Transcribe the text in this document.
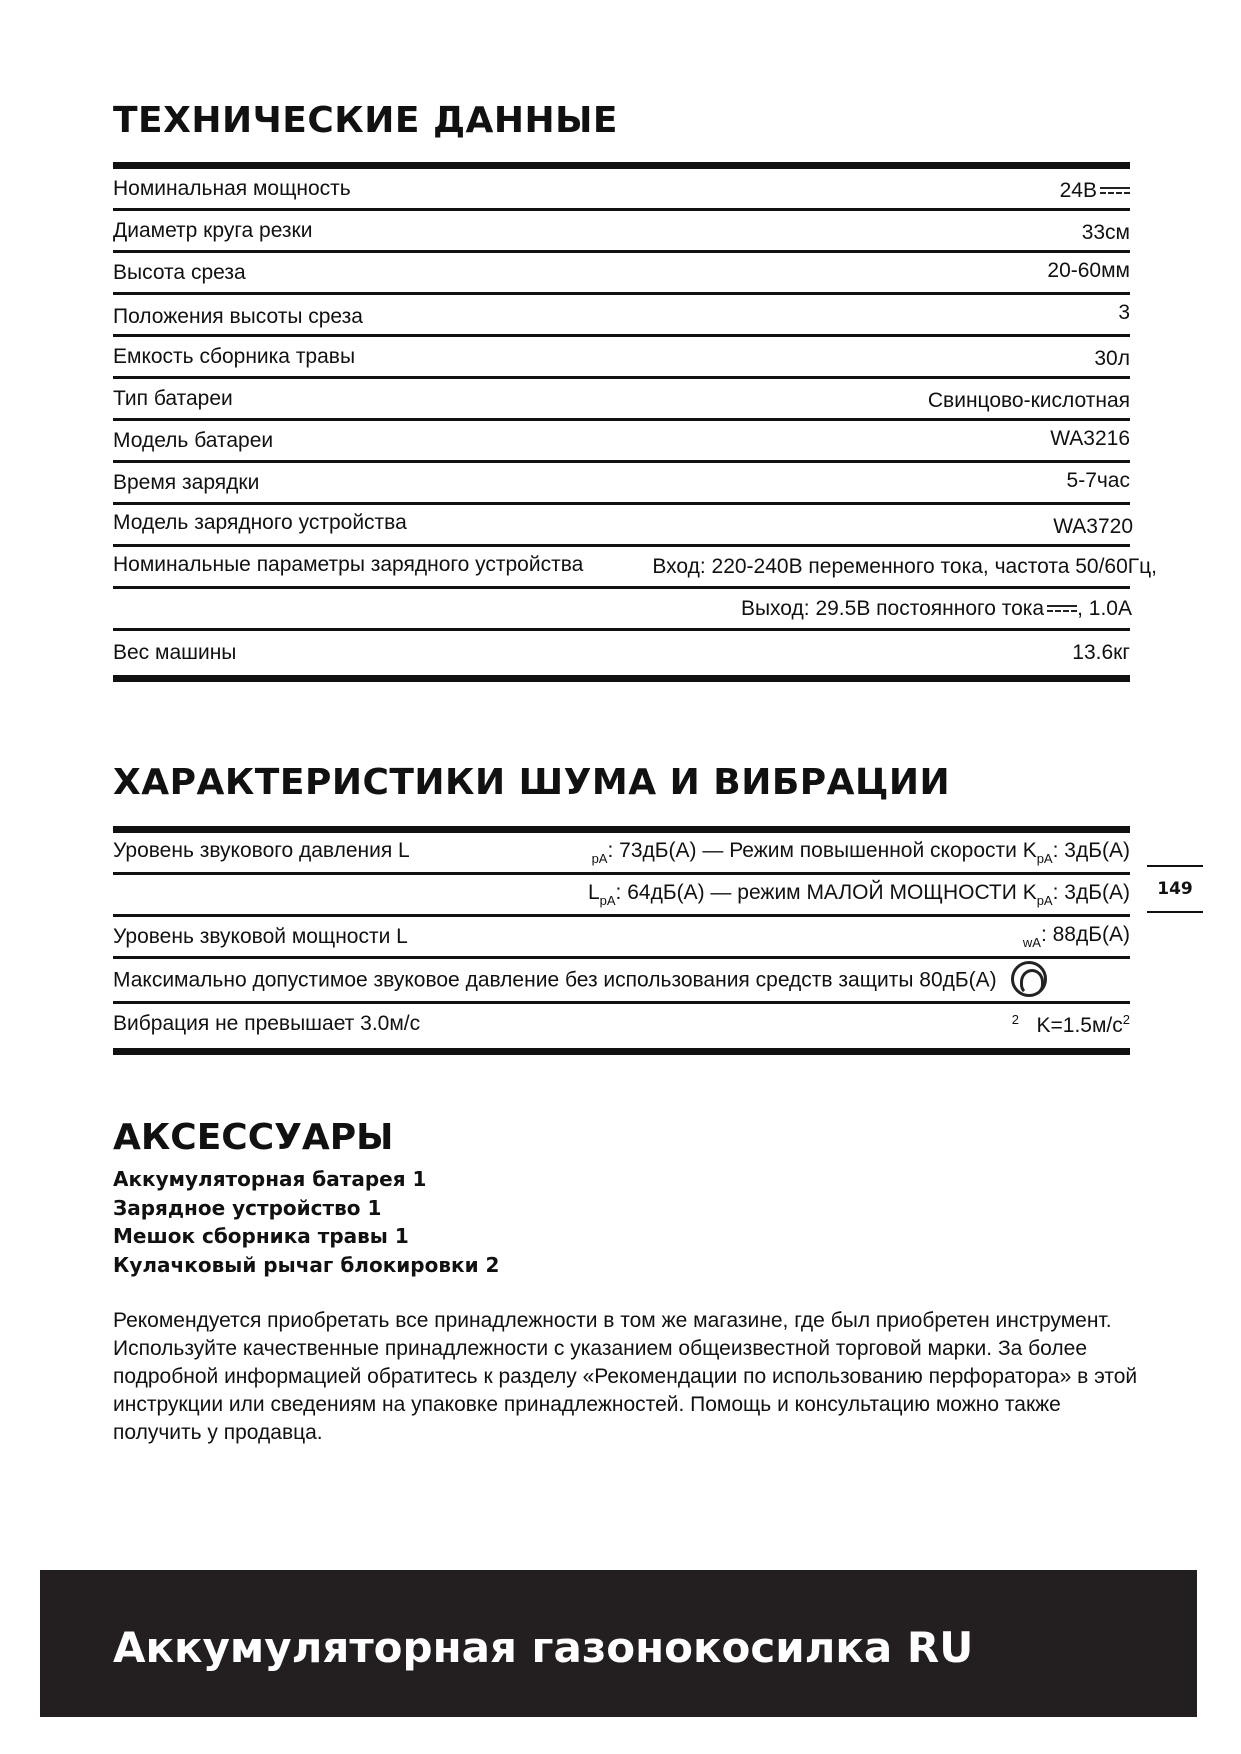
ТЕХНИЧЕСКИЕ ДАННЫЕ
Номинальная мощность	24В
Диаметр круга резки	33см
Высота среза	20-60мм
Положения высоты среза	3
Емкость сборника травы	30л
Тип батареи	Свинцово-кислотная
Модель батареи	WA3216
Время зарядки	5-7час
Модель зарядного устройства	WA3720
Номинальные параметры зарядного устройства	Вход: 220-240В переменного тока, частота 50/60Гц,
Выход: 29.5В постоянного тока , 1.0А
Вес машины	13.6кг
ХАРАКТЕРИСТИКИ ШУМА И ВИБРАЦИИ
Уровень звукового давления L	$_{pA}$: 73дБ(А) — Режим повышенной скорости $K_{pA}$: 3дБ(А)
$L_{pA}$: 64дБ(А) — режим МАЛОЙ МОЩНОСТИ $K_{pA}$: 3дБ(А)
Уровень звуковой мощности L	$_{wA}$: 88дБ(А)
Максимально допустимое звуковое давление без использования средств защиты 80дБ(А)
Вибрация не превышает 3.0м/с	$^2$ $K=1.5м/с^2$
149
АКСЕССУАРЫ
Аккумуляторная батарея 1
Зарядное устройство 1
Мешок сборника травы 1
Кулачковый рычаг блокировки 2
Рекомендуется приобретать все принадлежности в том же магазине, где был приобретен инструмент. Используйте качественные принадлежности с указанием общеизвестной торговой марки. За более подробной информацией обратитесь к разделу «Рекомендации по использованию перфоратора» в этой инструкции или сведениям на упаковке принадлежностей. Помощь и консультацию можно также получить у продавца.
Аккумуляторная газонокосилка RU
